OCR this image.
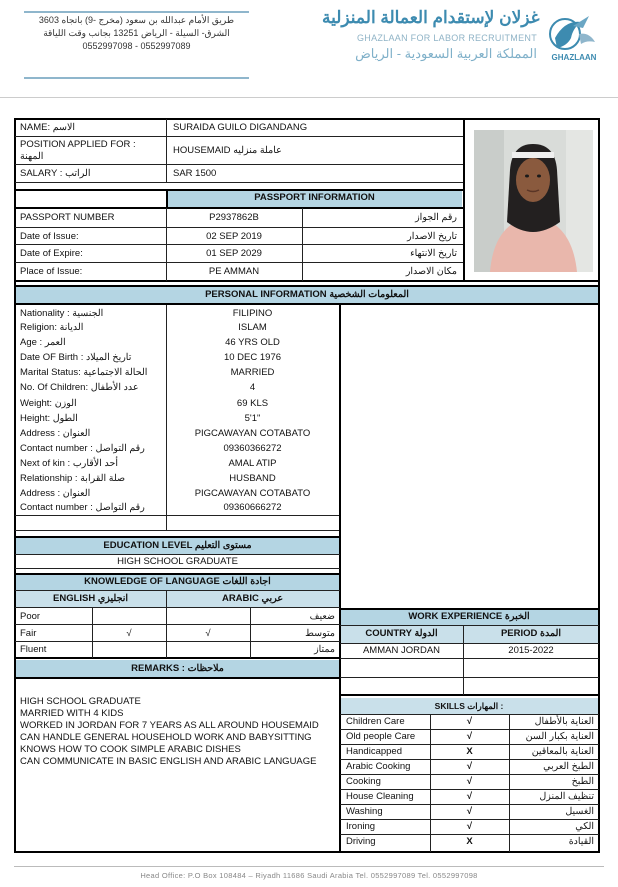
3603 طريق الأمام عبدالله بن سعود (مخرج -9) باتجاه
الشرق- السيلة - الرياض 13251 بجانب وقت اللياقة
0552997098 - 0552997089
غزلان لإستقدام العمالة المنزلية
GHAZLAAN FOR LABOR RECRUITMENT
المملكة العربية السعودية - الرياض	GHAZLAAN
NAME: الاسم	SURAIDA GUILO DIGANDANG
POSITION APPLIED FOR :
المهنة
HOUSEMAID عاملة منزليه
SALARY : الراتب	SAR 1500
PASSPORT INFORMATION
PASSPORT NUMBER	P2937862B	رقم الجواز
Date of Issue:	02 SEP 2019	تاريخ الاصدار
Date of Expire:	01 SEP 2029	تاريخ الانتهاء
Place of Issue:	PE AMMAN	مكان الاصدار
PERSONAL INFORMATION المعلومات الشخصية
Nationality : الجنسية	FILIPINO
Religion: الديانة	ISLAM
Age : العمر	46 YRS OLD
Date OF Birth : تاريخ الميلاد	10 DEC 1976
Marital Status: الحالة الاجتماعية	MARRIED
No. Of Children: عدد الأطفال	4
Weight: الوزن	69 KLS
Height: الطول	5'1"
Address : العنوان	PIGCAWAYAN COTABATO
Contact number : رقم التواصل	09360366272
Next of kin : أحد الأقارب	AMAL ATIP
Relationship : صلة القرابة	HUSBAND
Address : العنوان	PIGCAWAYAN COTABATO
Contact number : رقم التواصل	09360666272
EDUCATION LEVEL مستوى التعليم
HIGH SCHOOL GRADUATE
KNOWLEDGE OF LANGUAGE اجادة اللغات
ENGLISH انجليزي	ARABIC عربي
Poor	ضعيف
Fair	√	√	متوسط
Fluent	ممتاز
REMARKS : ملاحظات
HIGH SCHOOL GRADUATE
MARRIED WITH 4 KIDS
WORKED IN JORDAN FOR 7 YEARS AS ALL AROUND HOUSEMAID
CAN HANDLE GENERAL HOUSEHOLD WORK AND BABYSITTING
KNOWS HOW TO COOK SIMPLE ARABIC DISHES
CAN COMMUNICATE IN BASIC ENGLISH AND ARABIC LANGUAGE
WORK EXPERIENCE الخبرة
COUNTRY الدولة	PERIOD المدة
AMMAN JORDAN	2015-2022
SKILLS المهارات :
Children Care	√	العناية بالأطفال
Old people Care	√	العناية بكبار السن
Handicapped	X	العناية بالمعاقين
Arabic Cooking	√	الطبخ العربي
Cooking	√	الطبخ
House Cleaning	√	تنظيف المنزل
Washing	√	الغسيل
Ironing	√	الكي
Driving	X	القيادة
Head Office: P.O Box 108484 – Riyadh 11686 Saudi Arabia Tel. 0552997089 Tel. 0552997098
